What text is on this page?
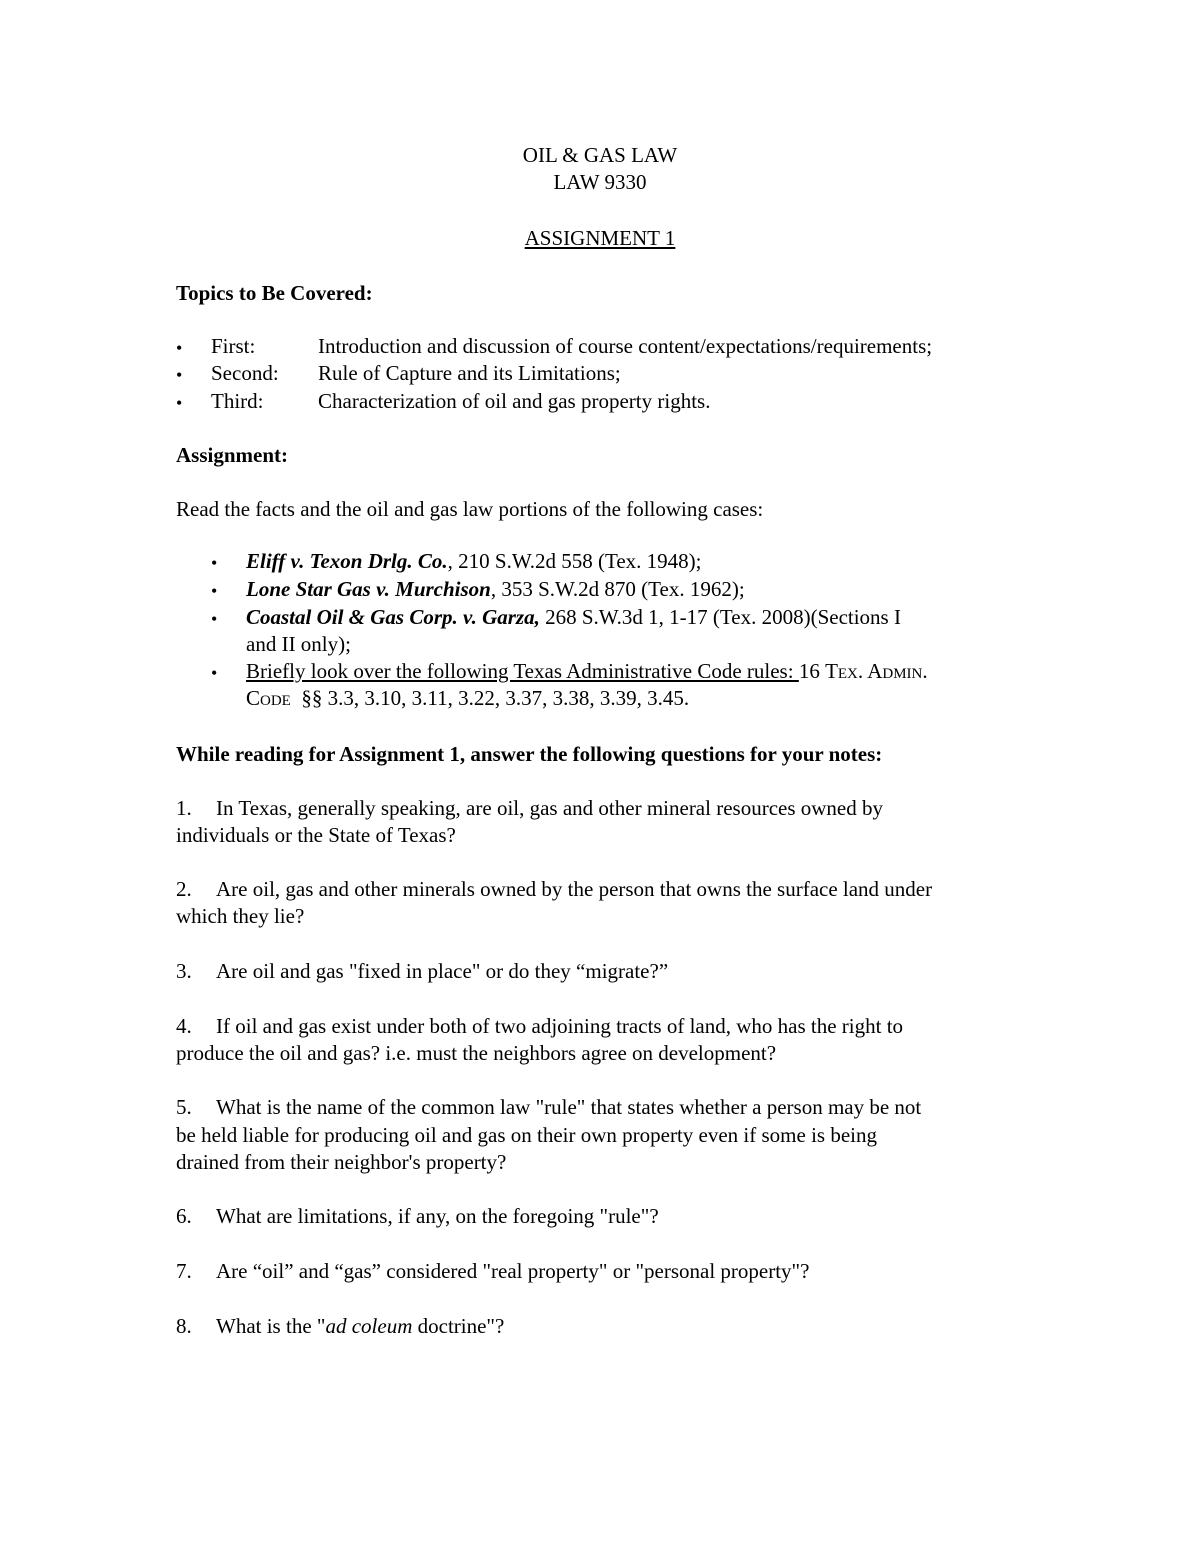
OIL & GAS LAW
LAW 9330
ASSIGNMENT 1
Topics to Be Covered:
• First:	Introduction and discussion of course content/expectations/requirements;
• Second: Rule of Capture and its Limitations;
• Third:	Characterization of oil and gas property rights.
Assignment:
Read the facts and the oil and gas law portions of the following cases:
• Eliff v. Texon Drlg. Co., 210 S.W.2d 558 (Tex. 1948);
• Lone Star Gas v. Murchison, 353 S.W.2d 870 (Tex. 1962);
• Coastal Oil & Gas Corp. v. Garza, 268 S.W.3d 1, 1-17 (Tex. 2008)(Sections I
and II only);
• Briefly look over the following Texas Administrative Code rules: 16 Tex. Admin.
Code  §§ 3.3, 3.10, 3.11, 3.22, 3.37, 3.38, 3.39, 3.45.
While reading for Assignment 1, answer the following questions for your notes:
1. In Texas, generally speaking, are oil, gas and other mineral resources owned by
individuals or the State of Texas?
2. Are oil, gas and other minerals owned by the person that owns the surface land under
which they lie?
3. Are oil and gas "fixed in place" or do they “migrate?”
4. If oil and gas exist under both of two adjoining tracts of land, who has the right to
produce the oil and gas? i.e. must the neighbors agree on development?
5. What is the name of the common law "rule" that states whether a person may be not
be held liable for producing oil and gas on their own property even if some is being
drained from their neighbor's property?
6. What are limitations, if any, on the foregoing "rule"?
7. Are “oil” and “gas” considered "real property" or "personal property"?
8. What is the "ad coleum doctrine"?
